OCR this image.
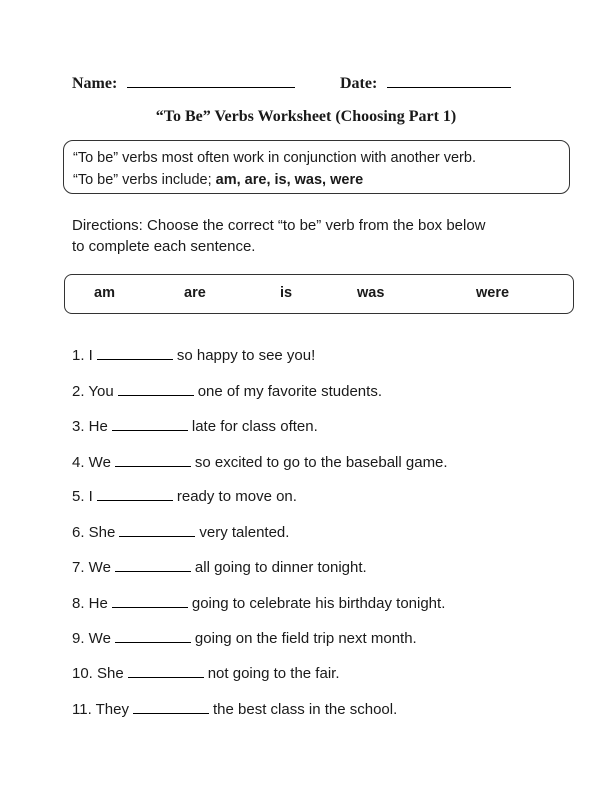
Name:	Date:
“To Be” Verbs Worksheet (Choosing Part 1)

“To be” verbs most often work in conjunction with another verb.

“To be” verbs include; am, are, is, was, were

Directions: Choose the correct “to be” verb from the box below
to complete each sentence.
am	are	is	was	were
1. I	so happy to see you!
2. You	one of my favorite students.
3. He	late for class often.
4. We	so excited to go to the baseball game.
5. I	ready to move on.
6. She	very talented.
7. We	all going to dinner tonight.
8. He	going to celebrate his birthday tonight.
9. We	going on the field trip next month.
10. She	not going to the fair.
11. They	the best class in the school.
